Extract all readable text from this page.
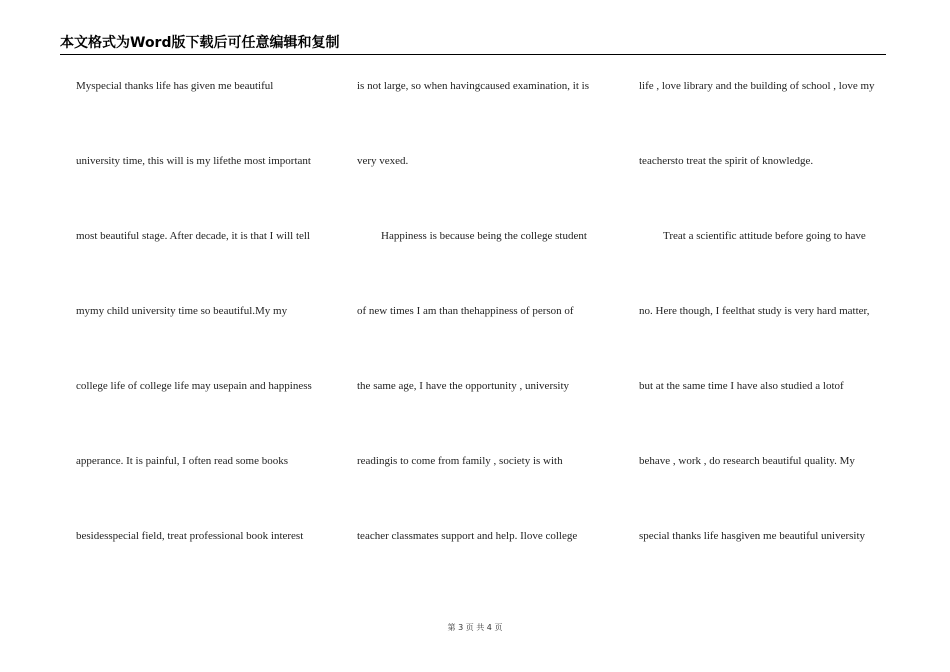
本文格式为Word版下载后可任意编辑和复制
Myspecial thanks life has given me beautiful
university time, this will is my lifethe most important
most beautiful stage. After decade, it is that I will tell
mymy child university time so beautiful.My my
college life of college life may usepain and happiness
apperance. It is painful, I often read some books
besidesspecial field, treat professional book interest
is not large, so when havingcaused examination, it is
very vexed.
Happiness is because being the college student
of new times I am than thehappiness of person of
the same age, I have the opportunity , university
readingis to come from family , society is with
teacher classmates support and help. Ilove college
life , love library and the building of school , love my
teachersto treat the spirit of knowledge.
Treat a scientific attitude before going to have
no. Here though, I feelthat study is very hard matter,
but at the same time I have also studied a lotof
behave , work , do research beautiful quality. My
special thanks life hasgiven me beautiful university
第 3 页 共 4 页
